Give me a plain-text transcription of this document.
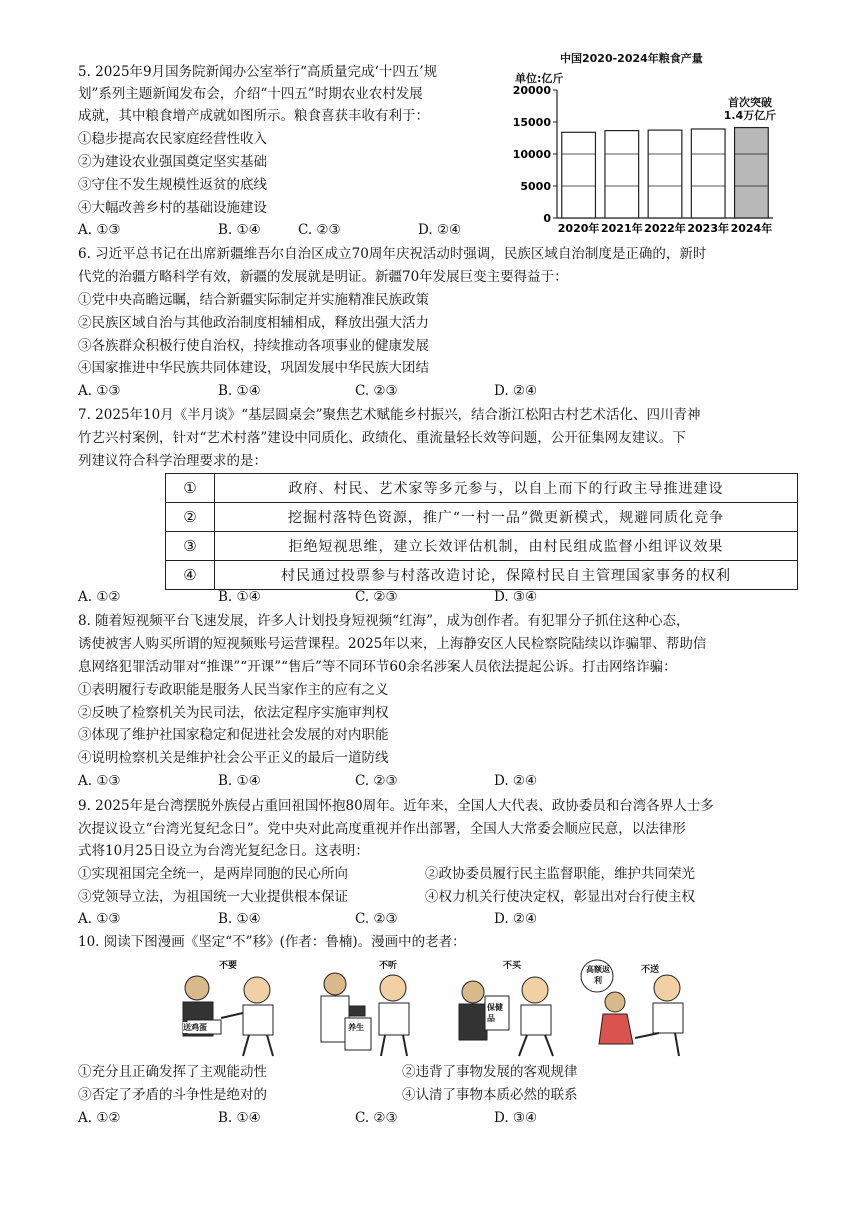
5. 2025年9月国务院新闻办公室举行“高质量完成‘十四五’规
划”系列主题新闻发布会，介绍“十四五”时期农业农村发展
成就，其中粮食增产成就如图所示。粮食喜获丰收有利于：
①稳步提高农民家庭经营性收入
②为建设农业强国奠定坚实基础
③守住不发生规模性返贫的底线
④大幅改善乡村的基础设施建设
A. ①③	B. ①④	C. ②③	D. ②④
中国2020-2024年粮食产量
单位:亿斤
0
5000
10000
15000
20000
2020年 2021年 2022年 2023年 2024年
首次突破1.4万亿斤
6. 习近平总书记在出席新疆维吾尔自治区成立70周年庆祝活动时强调，民族区域自治制度是正确的，新时
代党的治疆方略科学有效，新疆的发展就是明证。新疆70年发展巨变主要得益于：
①党中央高瞻远瞩，结合新疆实际制定并实施精准民族政策
②民族区域自治与其他政治制度相辅相成，释放出强大活力
③各族群众积极行使自治权，持续推动各项事业的健康发展
④国家推进中华民族共同体建设，巩固发展中华民族大团结
A. ①③	B. ①④	C. ②③	D. ②④
7. 2025年10月《半月谈》“基层圆桌会”聚焦艺术赋能乡村振兴，结合浙江松阳古村艺术活化、四川青神
竹艺兴村案例，针对“艺术村落”建设中同质化、政绩化、重流量轻长效等问题，公开征集网友建议。下
列建议符合科学治理要求的是：
①	政府、村民、艺术家等多元参与，以自上而下的行政主导推进建设
②	挖掘村落特色资源，推广“一村一品”微更新模式，规避同质化竞争
③	拒绝短视思维，建立长效评估机制，由村民组成监督小组评议效果
④	村民通过投票参与村落改造讨论，保障村民自主管理国家事务的权利
A. ①②	B. ①④	C. ②③	D. ③④
8. 随着短视频平台飞速发展，许多人计划投身短视频“红海”，成为创作者。有犯罪分子抓住这种心态，
诱使被害人购买所谓的短视频账号运营课程。2025年以来，上海静安区人民检察院陆续以诈骗罪、帮助信
息网络犯罪活动罪对“推课”“开课”“售后”等不同环节60余名涉案人员依法提起公诉。打击网络诈骗：
①表明履行专政职能是服务人民当家作主的应有之义
②反映了检察机关为民司法，依法定程序实施审判权
③体现了维护社国家稳定和促进社会发展的对内职能
④说明检察机关是维护社会公平正义的最后一道防线
A. ①③	B. ①④	C. ②③	D. ②④
9. 2025年是台湾摆脱外族侵占重回祖国怀抱80周年。近年来，全国人大代表、政协委员和台湾各界人士多
次提议设立“台湾光复纪念日”。党中央对此高度重视并作出部署，全国人大常委会顺应民意，以法律形
式将10月25日设立为台湾光复纪念日。这表明：
①实现祖国完全统一，是两岸同胞的民心所向	②政协委员履行民主监督职能，维护共同荣光
③党领导立法，为祖国统一大业提供根本保证	④权力机关行使决定权，彰显出对台行使主权
A. ①③	B. ①④	C. ②③	D. ②④
10. 阅读下图漫画《坚定“不”移》(作者：鲁楠)。漫画中的老者：
不要
送鸡蛋
不听
养生
不买
保健品
高额返利
不送
①充分且正确发挥了主观能动性	②违背了事物发展的客观规律
③否定了矛盾的斗争性是绝对的	④认清了事物本质必然的联系
A. ①②	B. ①④	C. ②③	D. ③④
